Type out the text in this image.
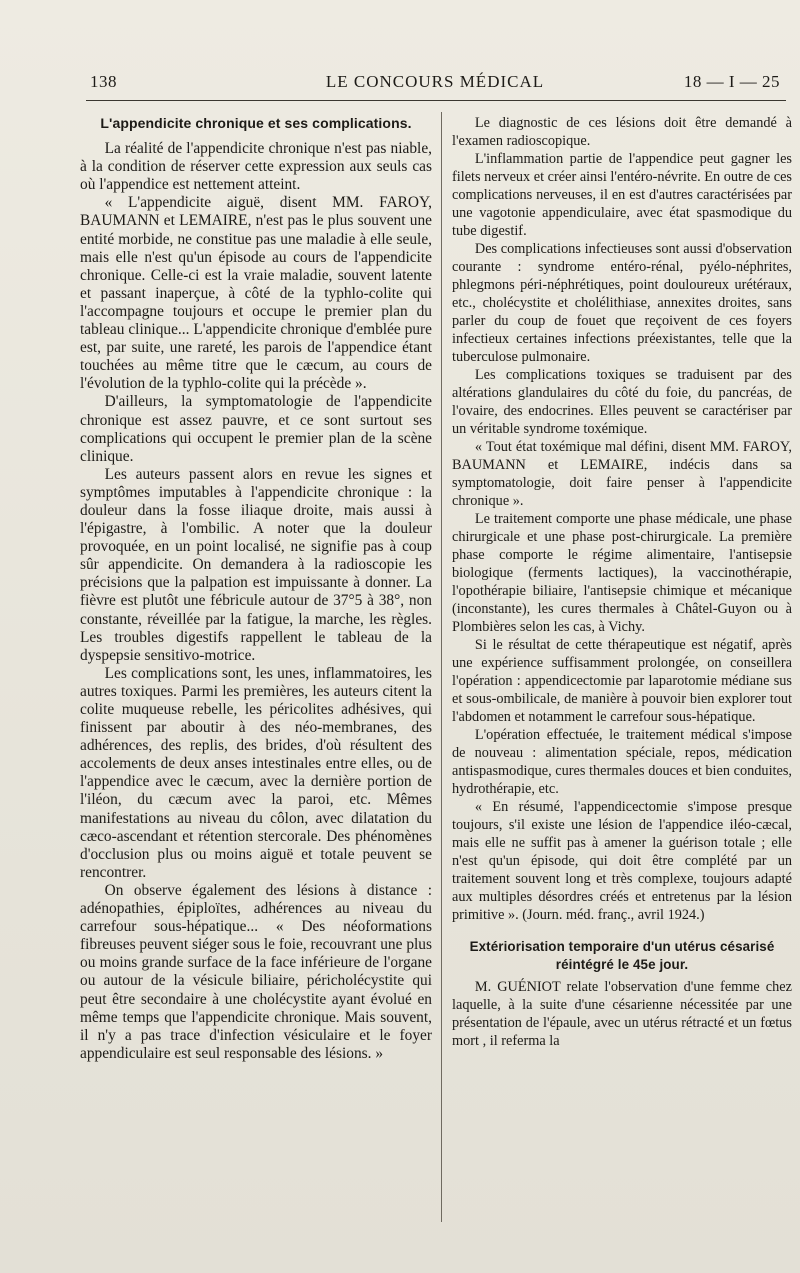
138	LE CONCOURS MÉDICAL	18 — I — 25
L'appendicite chronique et ses complications.

La réalité de l'appendicite chronique n'est pas niable, à la condition de réserver cette expression aux seuls cas où l'appendice est nettement atteint.

« L'appendicite aiguë, disent MM. FAROY, BAUMANN et LEMAIRE, n'est pas le plus souvent une entité morbide, ne constitue pas une maladie à elle seule, mais elle n'est qu'un épisode au cours de l'appendicite chronique. Celle-ci est la vraie maladie, souvent latente et passant inaperçue, à côté de la typhlo-colite qui l'accompagne toujours et occupe le premier plan du tableau clinique... L'appendicite chronique d'emblée pure est, par suite, une rareté, les parois de l'appendice étant touchées au même titre que le cæcum, au cours de l'évolution de la typhlo-colite qui la précède ».

D'ailleurs, la symptomatologie de l'appendicite chronique est assez pauvre, et ce sont surtout ses complications qui occupent le premier plan de la scène clinique.

Les auteurs passent alors en revue les signes et symptômes imputables à l'appendicite chronique : la douleur dans la fosse iliaque droite, mais aussi à l'épigastre, à l'ombilic. A noter que la douleur provoquée, en un point localisé, ne signifie pas à coup sûr appendicite. On demandera à la radioscopie les précisions que la palpation est impuissante à donner. La fièvre est plutôt une fébricule autour de 37°5 à 38°, non constante, réveillée par la fatigue, la marche, les règles. Les troubles digestifs rappellent le tableau de la dyspepsie sensitivo-motrice.

Les complications sont, les unes, inflammatoires, les autres toxiques. Parmi les premières, les auteurs citent la colite muqueuse rebelle, les péricolites adhésives, qui finissent par aboutir à des néo-membranes, des adhérences, des replis, des brides, d'où résultent des accolements de deux anses intestinales entre elles, ou de l'appendice avec le cæcum, avec la dernière portion de l'iléon, du cæcum avec la paroi, etc. Mêmes manifestations au niveau du côlon, avec dilatation du cæco-ascendant et rétention stercorale. Des phénomènes d'occlusion plus ou moins aiguë et totale peuvent se rencontrer.

On observe également des lésions à distance : adénopathies, épiploïtes, adhérences au niveau du carrefour sous-hépatique... « Des néoformations fibreuses peuvent siéger sous le foie, recouvrant une plus ou moins grande surface de la face inférieure de l'organe ou autour de la vésicule biliaire, péricholécystite qui peut être secondaire à une cholécystite ayant évolué en même temps que l'appendicite chronique. Mais souvent, il n'y a pas trace d'infection vésiculaire et le foyer appendiculaire est seul responsable des lésions. »

Le diagnostic de ces lésions doit être demandé à l'examen radioscopique.

L'inflammation partie de l'appendice peut gagner les filets nerveux et créer ainsi l'entéro-névrite. En outre de ces complications nerveuses, il en est d'autres caractérisées par une vagotonie appendiculaire, avec état spasmodique du tube digestif.

Des complications infectieuses sont aussi d'observation courante : syndrome entéro-rénal, pyélo-néphrites, phlegmons péri-néphrétiques, point douloureux urétéraux, etc., cholécystite et cholélithiase, annexites droites, sans parler du coup de fouet que reçoivent de ces foyers infectieux certaines infections préexistantes, telle que la tuberculose pulmonaire.

Les complications toxiques se traduisent par des altérations glandulaires du côté du foie, du pancréas, de l'ovaire, des endocrines. Elles peuvent se caractériser par un véritable syndrome toxémique.

« Tout état toxémique mal défini, disent MM. FAROY, BAUMANN et LEMAIRE, indécis dans sa symptomatologie, doit faire penser à l'appendicite chronique ».

Le traitement comporte une phase médicale, une phase chirurgicale et une phase post-chirurgicale. La première phase comporte le régime alimentaire, l'antisepsie biologique (ferments lactiques), la vaccinothérapie, l'opothérapie biliaire, l'antisepsie chimique et mécanique (inconstante), les cures thermales à Châtel-Guyon ou à Plombières selon les cas, à Vichy.

Si le résultat de cette thérapeutique est négatif, après une expérience suffisamment prolongée, on conseillera l'opération : appendicectomie par laparotomie médiane sus et sous-ombilicale, de manière à pouvoir bien explorer tout l'abdomen et notamment le carrefour sous-hépatique.

L'opération effectuée, le traitement médical s'impose de nouveau : alimentation spéciale, repos, médication antispasmodique, cures thermales douces et bien conduites, hydrothérapie, etc.

« En résumé, l'appendicectomie s'impose presque toujours, s'il existe une lésion de l'appendice iléo-cæcal, mais elle ne suffit pas à amener la guérison totale ; elle n'est qu'un épisode, qui doit être complété par un traitement souvent long et très complexe, toujours adapté aux multiples désordres créés et entretenus par la lésion primitive ». (Journ. méd. franç., avril 1924.)

Extériorisation temporaire d'un utérus césarisé réintégré le 45e jour.

M. GUÉNIOT relate l'observation d'une femme chez laquelle, à la suite d'une césarienne nécessitée par une présentation de l'épaule, avec un utérus rétracté et un fœtus mort , il referma la
